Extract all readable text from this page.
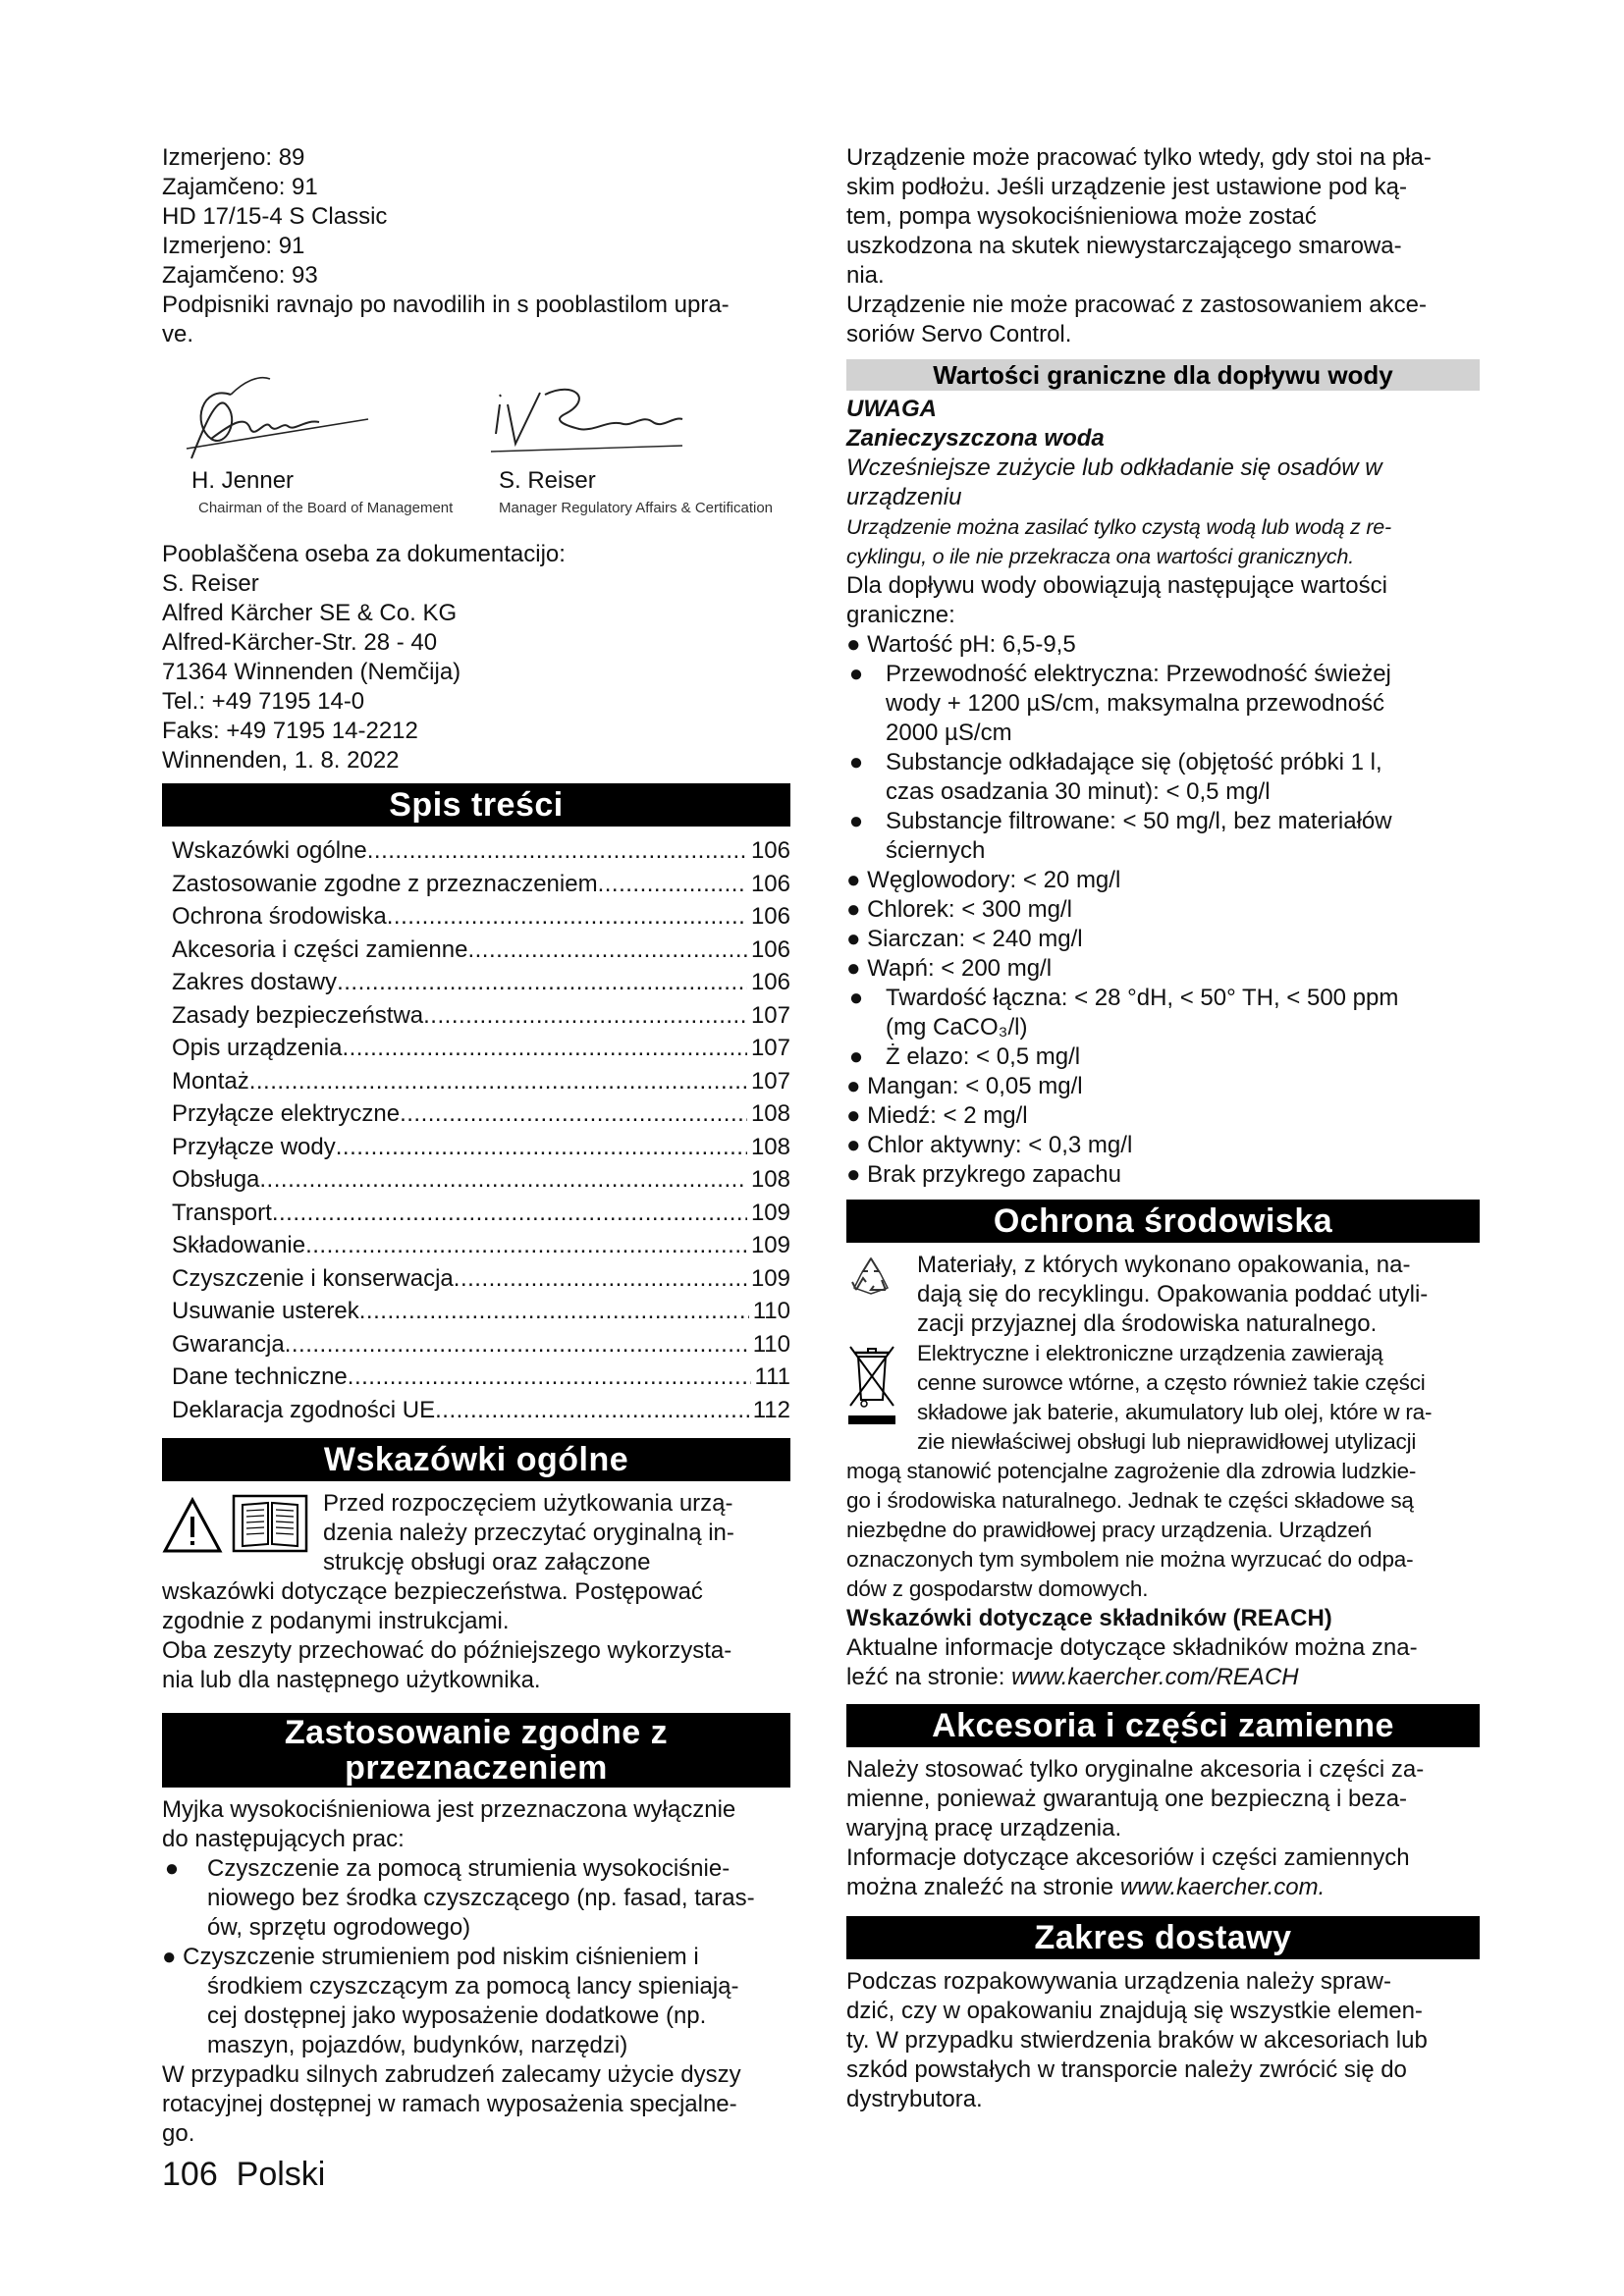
Izmerjeno: 89

Zajamčeno: 91

HD 17/15-4 S Classic

Izmerjeno: 91

Zajamčeno: 93

Podpisniki ravnajo po navodilih in s pooblastilom upra-

ve.

H. Jenner
Chairman of the Board of Management
S. Reiser
Manager Regulatory Affairs & Certification

Pooblaščena oseba za dokumentacijo:

S. Reiser

Alfred Kärcher SE & Co. KG

Alfred-Kärcher-Str. 28 - 40

71364 Winnenden (Nemčija)

Tel.: +49 7195 14-0

Faks: +49 7195 14-2212

Winnenden, 1. 8. 2022

Spis treści
Wskazówki ogólne .....	106
Zastosowanie zgodne z przeznaczeniem .....	106
Ochrona środowiska .....	106
Akcesoria i części zamienne .....	106
Zakres dostawy .....	106
Zasady bezpieczeństwa .....	107
Opis urządzenia .....	107
Montaż .....	107
Przyłącze elektryczne .....	108
Przyłącze wody .....	108
Obsługa .....	108
Transport .....	109
Składowanie .....	109
Czyszczenie i konserwacja .....	109
Usuwanie usterek .....	110
Gwarancja .....	110
Dane techniczne .....	111
Deklaracja zgodności UE .....	112
Wskazówki ogólne

Przed rozpoczęciem użytkowania urzą-

dzenia należy przeczytać oryginalną in-

strukcję obsługi oraz załączone

wskazówki dotyczące bezpieczeństwa. Postępować

zgodnie z podanymi instrukcjami.

Oba zeszyty przechować do późniejszego wykorzysta-

nia lub dla następnego użytkownika.

Zastosowanie zgodne z
przeznaczeniem

Myjka wysokociśnieniowa jest przeznaczona wyłącznie

do następujących prac:

● Czyszczenie za pomocą strumienia wysokociśnie-

niowego bez środka czyszczącego (np. fasad, taras-

ów, sprzętu ogrodowego)

● Czyszczenie strumieniem pod niskim ciśnieniem i

środkiem czyszczącym za pomocą lancy spieniają-

cej dostępnej jako wyposażenie dodatkowe (np.

maszyn, pojazdów, budynków, narzędzi)

W przypadku silnych zabrudzeń zalecamy użycie dyszy

rotacyjnej dostępnej w ramach wyposażenia specjalne-

go.

Urządzenie może pracować tylko wtedy, gdy stoi na pła-

skim podłożu. Jeśli urządzenie jest ustawione pod ką-

tem, pompa wysokociśnieniowa może zostać

uszkodzona na skutek niewystarczającego smarowa-

nia.

Urządzenie nie może pracować z zastosowaniem akce-

soriów Servo Control.

Wartości graniczne dla dopływu wody

UWAGA

Zanieczyszczona woda

Wcześniejsze zużycie lub odkładanie się osadów w

urządzeniu

Urządzenie można zasilać tylko czystą wodą lub wodą z re-

cyklingu, o ile nie przekracza ona wartości granicznych.

Dla dopływu wody obowiązują następujące wartości

graniczne:

● Wartość pH: 6,5-9,5

● Przewodność elektryczna: Przewodność świeżej

wody + 1200 µS/cm, maksymalna przewodność

2000 µS/cm

● Substancje odkładające się (objętość próbki 1 l,

czas osadzania 30 minut): < 0,5 mg/l

● Substancje filtrowane: < 50 mg/l, bez materiałów

ściernych

● Węglowodory: < 20 mg/l

● Chlorek: < 300 mg/l

● Siarczan: < 240 mg/l

● Wapń: < 200 mg/l

● Twardość łączna: < 28 °dH, < 50° TH, < 500 ppm

(mg CaCO₃/l)

● Ż elazo: < 0,5 mg/l

● Mangan: < 0,05 mg/l

● Miedź: < 2 mg/l

● Chlor aktywny: < 0,3 mg/l

● Brak przykrego zapachu

Ochrona środowiska

Materiały, z których wykonano opakowania, na-

dają się do recyklingu. Opakowania poddać utyli-

zacji przyjaznej dla środowiska naturalnego.

Elektryczne i elektroniczne urządzenia zawierają

cenne surowce wtórne, a często również takie części

składowe jak baterie, akumulatory lub olej, które w ra-

zie niewłaściwej obsługi lub nieprawidłowej utylizacji

mogą stanowić potencjalne zagrożenie dla zdrowia ludzkie-

go i środowiska naturalnego. Jednak te części składowe są

niezbędne do prawidłowej pracy urządzenia. Urządzeń

oznaczonych tym symbolem nie można wyrzucać do odpa-

dów z gospodarstw domowych.

Wskazówki dotyczące składników (REACH)

Aktualne informacje dotyczące składników można zna-

leźć na stronie: www.kaercher.com/REACH

Akcesoria i części zamienne

Należy stosować tylko oryginalne akcesoria i części za-

mienne, ponieważ gwarantują one bezpieczną i beza-

waryjną pracę urządzenia.

Informacje dotyczące akcesoriów i części zamiennych

można znaleźć na stronie www.kaercher.com.

Zakres dostawy

Podczas rozpakowywania urządzenia należy spraw-

dzić, czy w opakowaniu znajdują się wszystkie elemen-

ty. W przypadku stwierdzenia braków w akcesoriach lub

szkód powstałych w transporcie należy zwrócić się do

dystrybutora.

106 Polski
